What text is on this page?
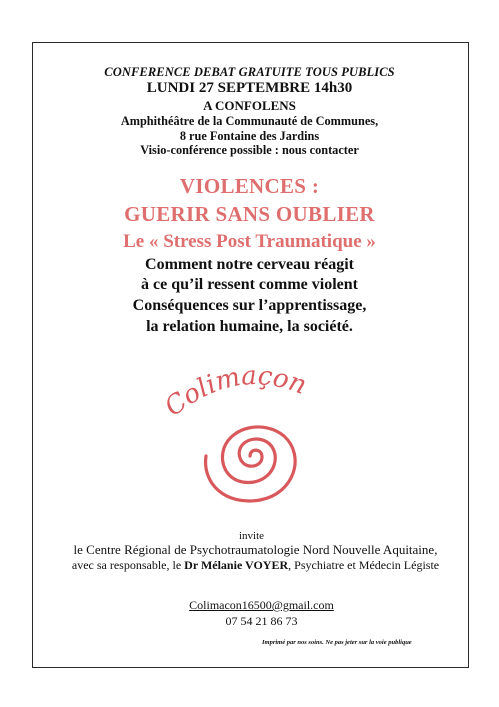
CONFERENCE DEBAT GRATUITE TOUS PUBLICS
LUNDI 27 SEPTEMBRE 14h30
A CONFOLENS
Amphithéâtre de la Communauté de Communes,
8 rue Fontaine des Jardins
Visio-conférence possible : nous contacter
VIOLENCES :
GUERIR SANS OUBLIER
Le « Stress Post Traumatique »
Comment notre cerveau réagit
à ce qu’il ressent comme violent
Conséquences sur l’apprentissage,
la relation humaine, la société.
Colimaçon
invite
le Centre Régional de Psychotraumatologie Nord Nouvelle Aquitaine,
avec sa responsable, le Dr Mélanie VOYER, Psychiatre et Médecin Légiste
Colimacon16500@gmail.com
07 54 21 86 73
Imprimé par nos soins. Ne pas jeter sur la voie publique
